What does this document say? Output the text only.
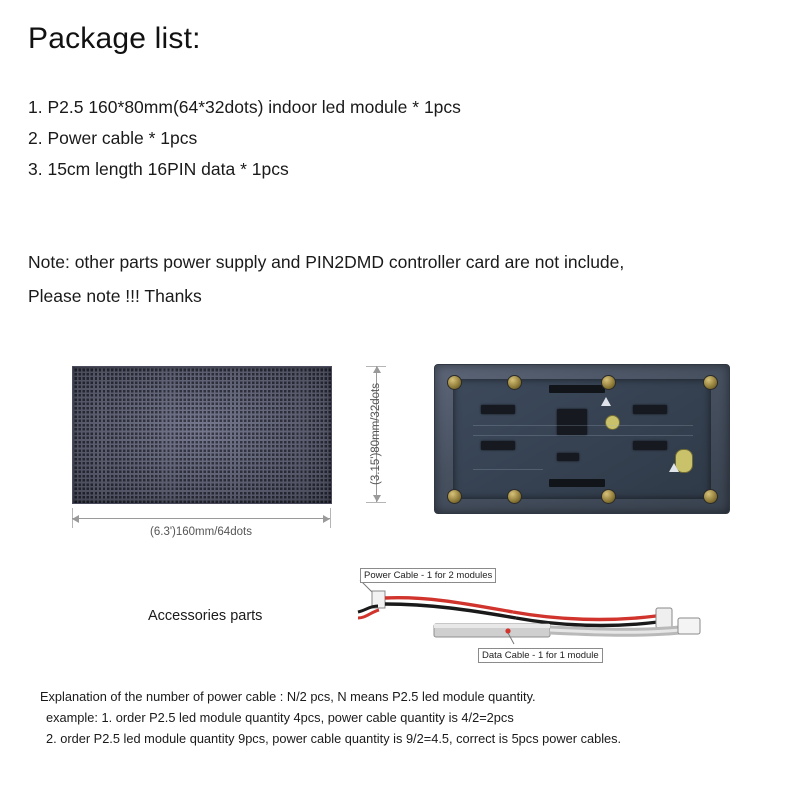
Package list:
1. P2.5 160*80mm(64*32dots) indoor led module * 1pcs
2. Power cable * 1pcs
3. 15cm length 16PIN data * 1pcs
Note: other parts power supply and PIN2DMD controller card are not include,
Please note !!! Thanks
(6.3')160mm/64dots
(3.15')80mm/32dots
Accessories parts
Power Cable - 1 for 2 modules
Data Cable - 1 for 1 module
Explanation of the number of power cable : N/2 pcs, N means P2.5 led module quantity.
example: 1. order P2.5 led module quantity 4pcs, power cable quantity is 4/2=2pcs
2. order P2.5 led module quantity 9pcs, power cable quantity is 9/2=4.5, correct is 5pcs power cables.
